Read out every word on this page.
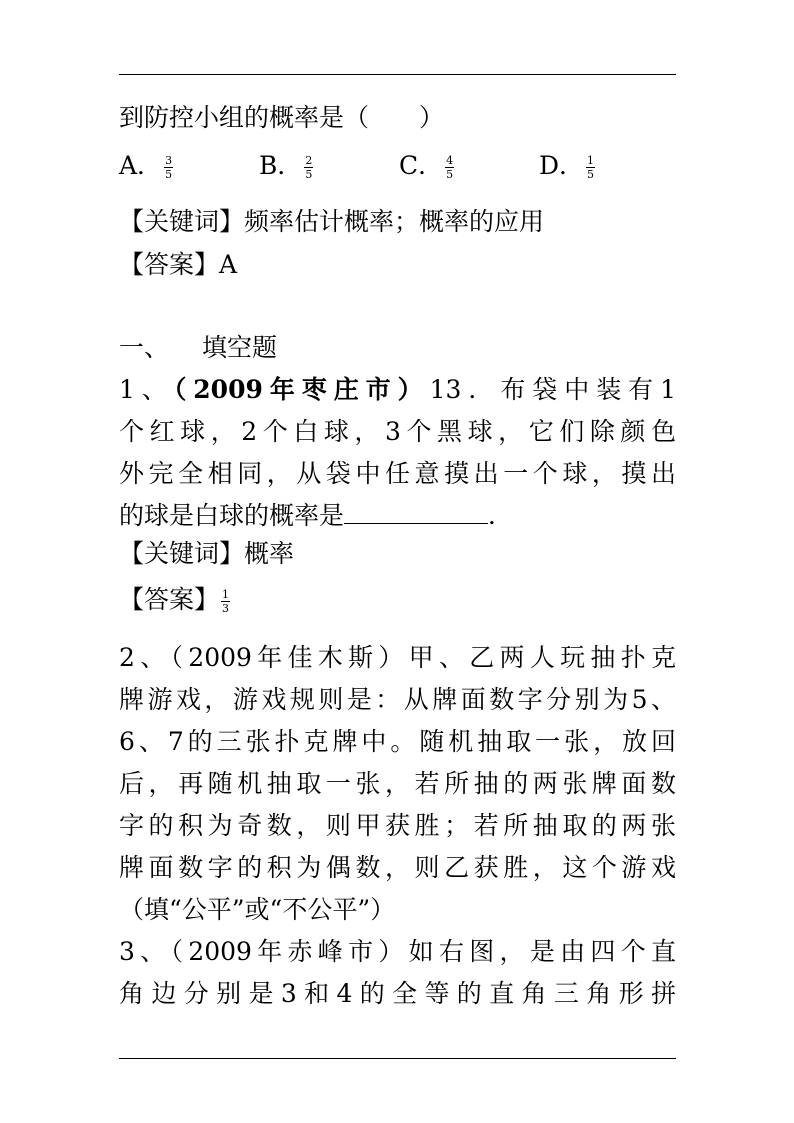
到防控小组的概率是（　　）
A． $\frac{3}{5}$	B． $\frac{2}{5}$	C． $\frac{4}{5}$	D． $\frac{1}{5}$
【关键词】频率估计概率；概率的应用
【答案】A
一、 填空题
1、（2009年枣庄市）13．布袋中装有1
个红球，2个白球，3个黑球，它们除颜色
外完全相同，从袋中任意摸出一个球，摸出
的球是白球的概率是	．
【关键词】概率
【答案】 $\frac{1}{3}$
2、（2009年佳木斯）甲、乙两人玩抽扑克
牌游戏，游戏规则是：从牌面数字分别为5、
6、7的三张扑克牌中。随机抽取一张，放回
后，再随机抽取一张，若所抽的两张牌面数
字的积为奇数，则甲获胜；若所抽取的两张
牌面数字的积为偶数，则乙获胜，这个游戏
（填“公平”或“不公平”）
3、（2009年赤峰市）如右图，是由四个直
角边分别是3和4的全等的直角三角形拼
